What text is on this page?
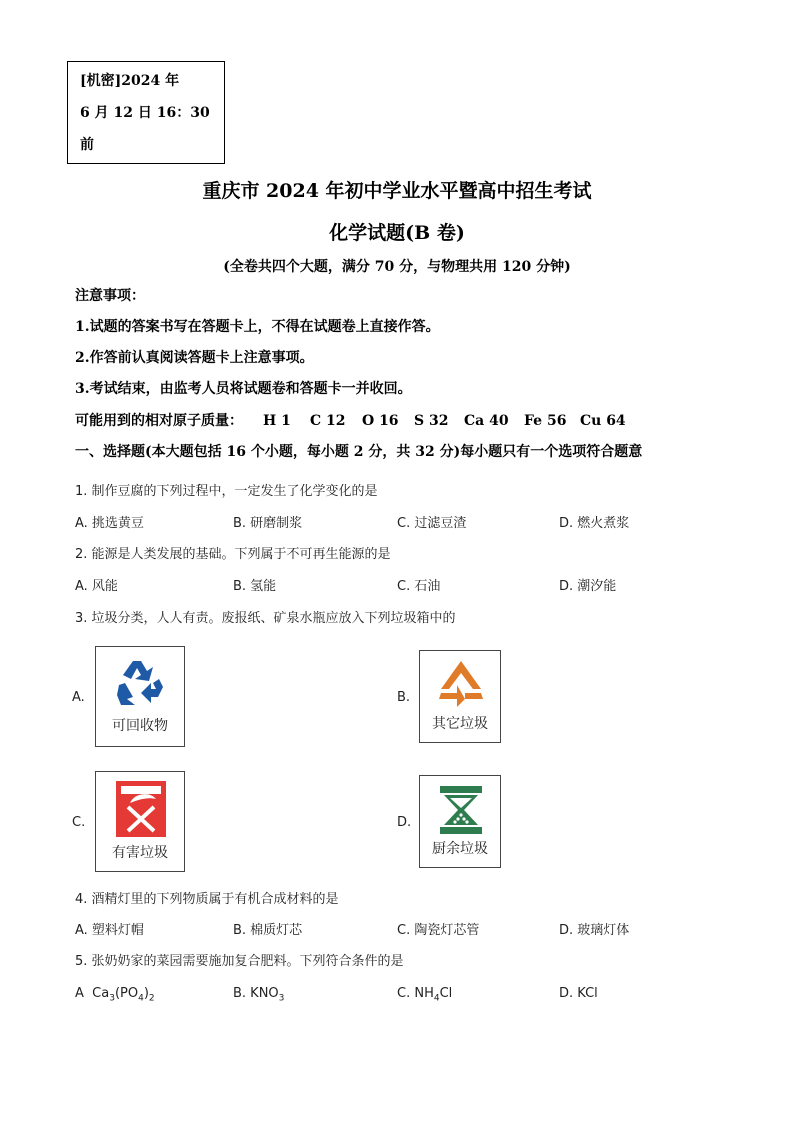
[机密]2024 年
6 月 12 日 16：30
前
重庆市 2024 年初中学业水平暨高中招生考试
化学试题(B 卷)
(全卷共四个大题，满分 70 分，与物理共用 120 分钟)
注意事项：
1.试题的答案书写在答题卡上，不得在试题卷上直接作答。
2.作答前认真阅读答题卡上注意事项。
3.考试结束，由监考人员将试题卷和答题卡一并收回。
可能用到的相对原子质量： H 1 C 12 O 16 S 32 Ca 40 Fe 56 Cu 64
一、选择题(本大题包括 16 个小题，每小题 2 分，共 32 分)每小题只有一个选项符合题意
1. 制作豆腐的下列过程中，一定发生了化学变化的是
A. 挑选黄豆	B. 研磨制浆	C. 过滤豆渣	D. 燃火煮浆
2. 能源是人类发展的基础。下列属于不可再生能源的是
A. 风能	B. 氢能	C. 石油	D. 潮汐能
3. 垃圾分类，人人有责。废报纸、矿泉水瓶应放入下列垃圾箱中的
A.
可回收物
B.
其它垃圾
C.
有害垃圾
D.
厨余垃圾
4. 酒精灯里的下列物质属于有机合成材料的是
A. 塑料灯帽	B. 棉质灯芯	C. 陶瓷灯芯管	D. 玻璃灯体
5. 张奶奶家的菜园需要施加复合肥料。下列符合条件的是
A $Ca_3(PO_4)_2$	B. $KNO_3$	C. $NH_4Cl$	D. KCl
